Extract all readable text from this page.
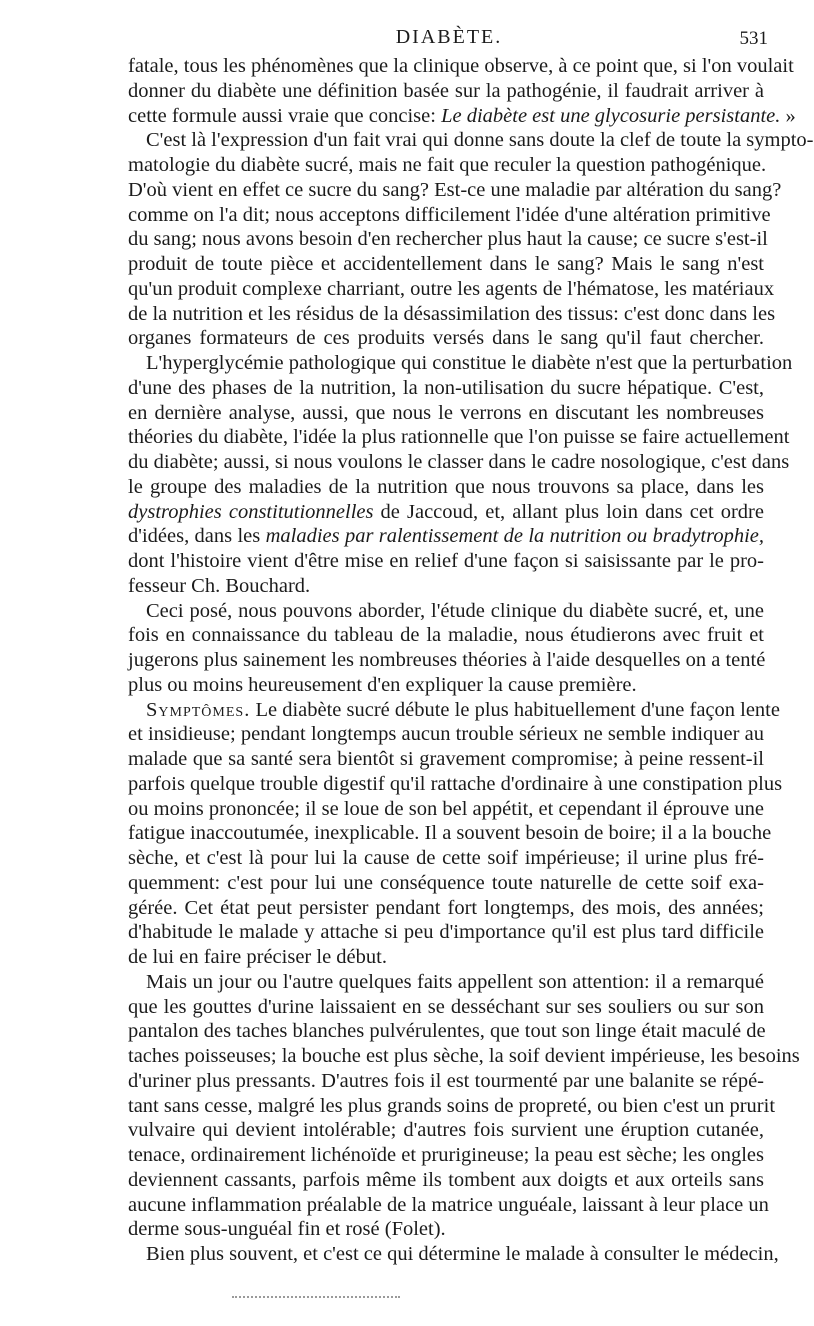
DIABÈTE.	531
fatale, tous les phénomènes que la clinique observe, à ce point que, si l'on voulait
donner du diabète une définition basée sur la pathogénie, il faudrait arriver à
cette formule aussi vraie que concise: Le diabète est une glycosurie persistante. »
C'est là l'expression d'un fait vrai qui donne sans doute la clef de toute la sympto-
matologie du diabète sucré, mais ne fait que reculer la question pathogénique.
D'où vient en effet ce sucre du sang? Est-ce une maladie par altération du sang?
comme on l'a dit; nous acceptons difficilement l'idée d'une altération primitive
du sang; nous avons besoin d'en rechercher plus haut la cause; ce sucre s'est-il
produit de toute pièce et accidentellement dans le sang? Mais le sang n'est
qu'un produit complexe charriant, outre les agents de l'hématose, les matériaux
de la nutrition et les résidus de la désassimilation des tissus: c'est donc dans les
organes formateurs de ces produits versés dans le sang qu'il faut chercher.
L'hyperglycémie pathologique qui constitue le diabète n'est que la perturbation
d'une des phases de la nutrition, la non-utilisation du sucre hépatique. C'est,
en dernière analyse, aussi, que nous le verrons en discutant les nombreuses
théories du diabète, l'idée la plus rationnelle que l'on puisse se faire actuellement
du diabète; aussi, si nous voulons le classer dans le cadre nosologique, c'est dans
le groupe des maladies de la nutrition que nous trouvons sa place, dans les
dystrophies constitutionnelles de Jaccoud, et, allant plus loin dans cet ordre
d'idées, dans les maladies par ralentissement de la nutrition ou bradytrophie,
dont l'histoire vient d'être mise en relief d'une façon si saisissante par le pro-
fesseur Ch. Bouchard.
Ceci posé, nous pouvons aborder, l'étude clinique du diabète sucré, et, une
fois en connaissance du tableau de la maladie, nous étudierons avec fruit et
jugerons plus sainement les nombreuses théories à l'aide desquelles on a tenté
plus ou moins heureusement d'en expliquer la cause première.
Symptômes. Le diabète sucré débute le plus habituellement d'une façon lente
et insidieuse; pendant longtemps aucun trouble sérieux ne semble indiquer au
malade que sa santé sera bientôt si gravement compromise; à peine ressent-il
parfois quelque trouble digestif qu'il rattache d'ordinaire à une constipation plus
ou moins prononcée; il se loue de son bel appétit, et cependant il éprouve une
fatigue inaccoutumée, inexplicable. Il a souvent besoin de boire; il a la bouche
sèche, et c'est là pour lui la cause de cette soif impérieuse; il urine plus fré-
quemment: c'est pour lui une conséquence toute naturelle de cette soif exa-
gérée. Cet état peut persister pendant fort longtemps, des mois, des années;
d'habitude le malade y attache si peu d'importance qu'il est plus tard difficile
de lui en faire préciser le début.
Mais un jour ou l'autre quelques faits appellent son attention: il a remarqué
que les gouttes d'urine laissaient en se desséchant sur ses souliers ou sur son
pantalon des taches blanches pulvérulentes, que tout son linge était maculé de
taches poisseuses; la bouche est plus sèche, la soif devient impérieuse, les besoins
d'uriner plus pressants. D'autres fois il est tourmenté par une balanite se répé-
tant sans cesse, malgré les plus grands soins de propreté, ou bien c'est un prurit
vulvaire qui devient intolérable; d'autres fois survient une éruption cutanée,
tenace, ordinairement lichénoïde et prurigineuse; la peau est sèche; les ongles
deviennent cassants, parfois même ils tombent aux doigts et aux orteils sans
aucune inflammation préalable de la matrice unguéale, laissant à leur place un
derme sous-unguéal fin et rosé (Folet).
Bien plus souvent, et c'est ce qui détermine le malade à consulter le médecin,
